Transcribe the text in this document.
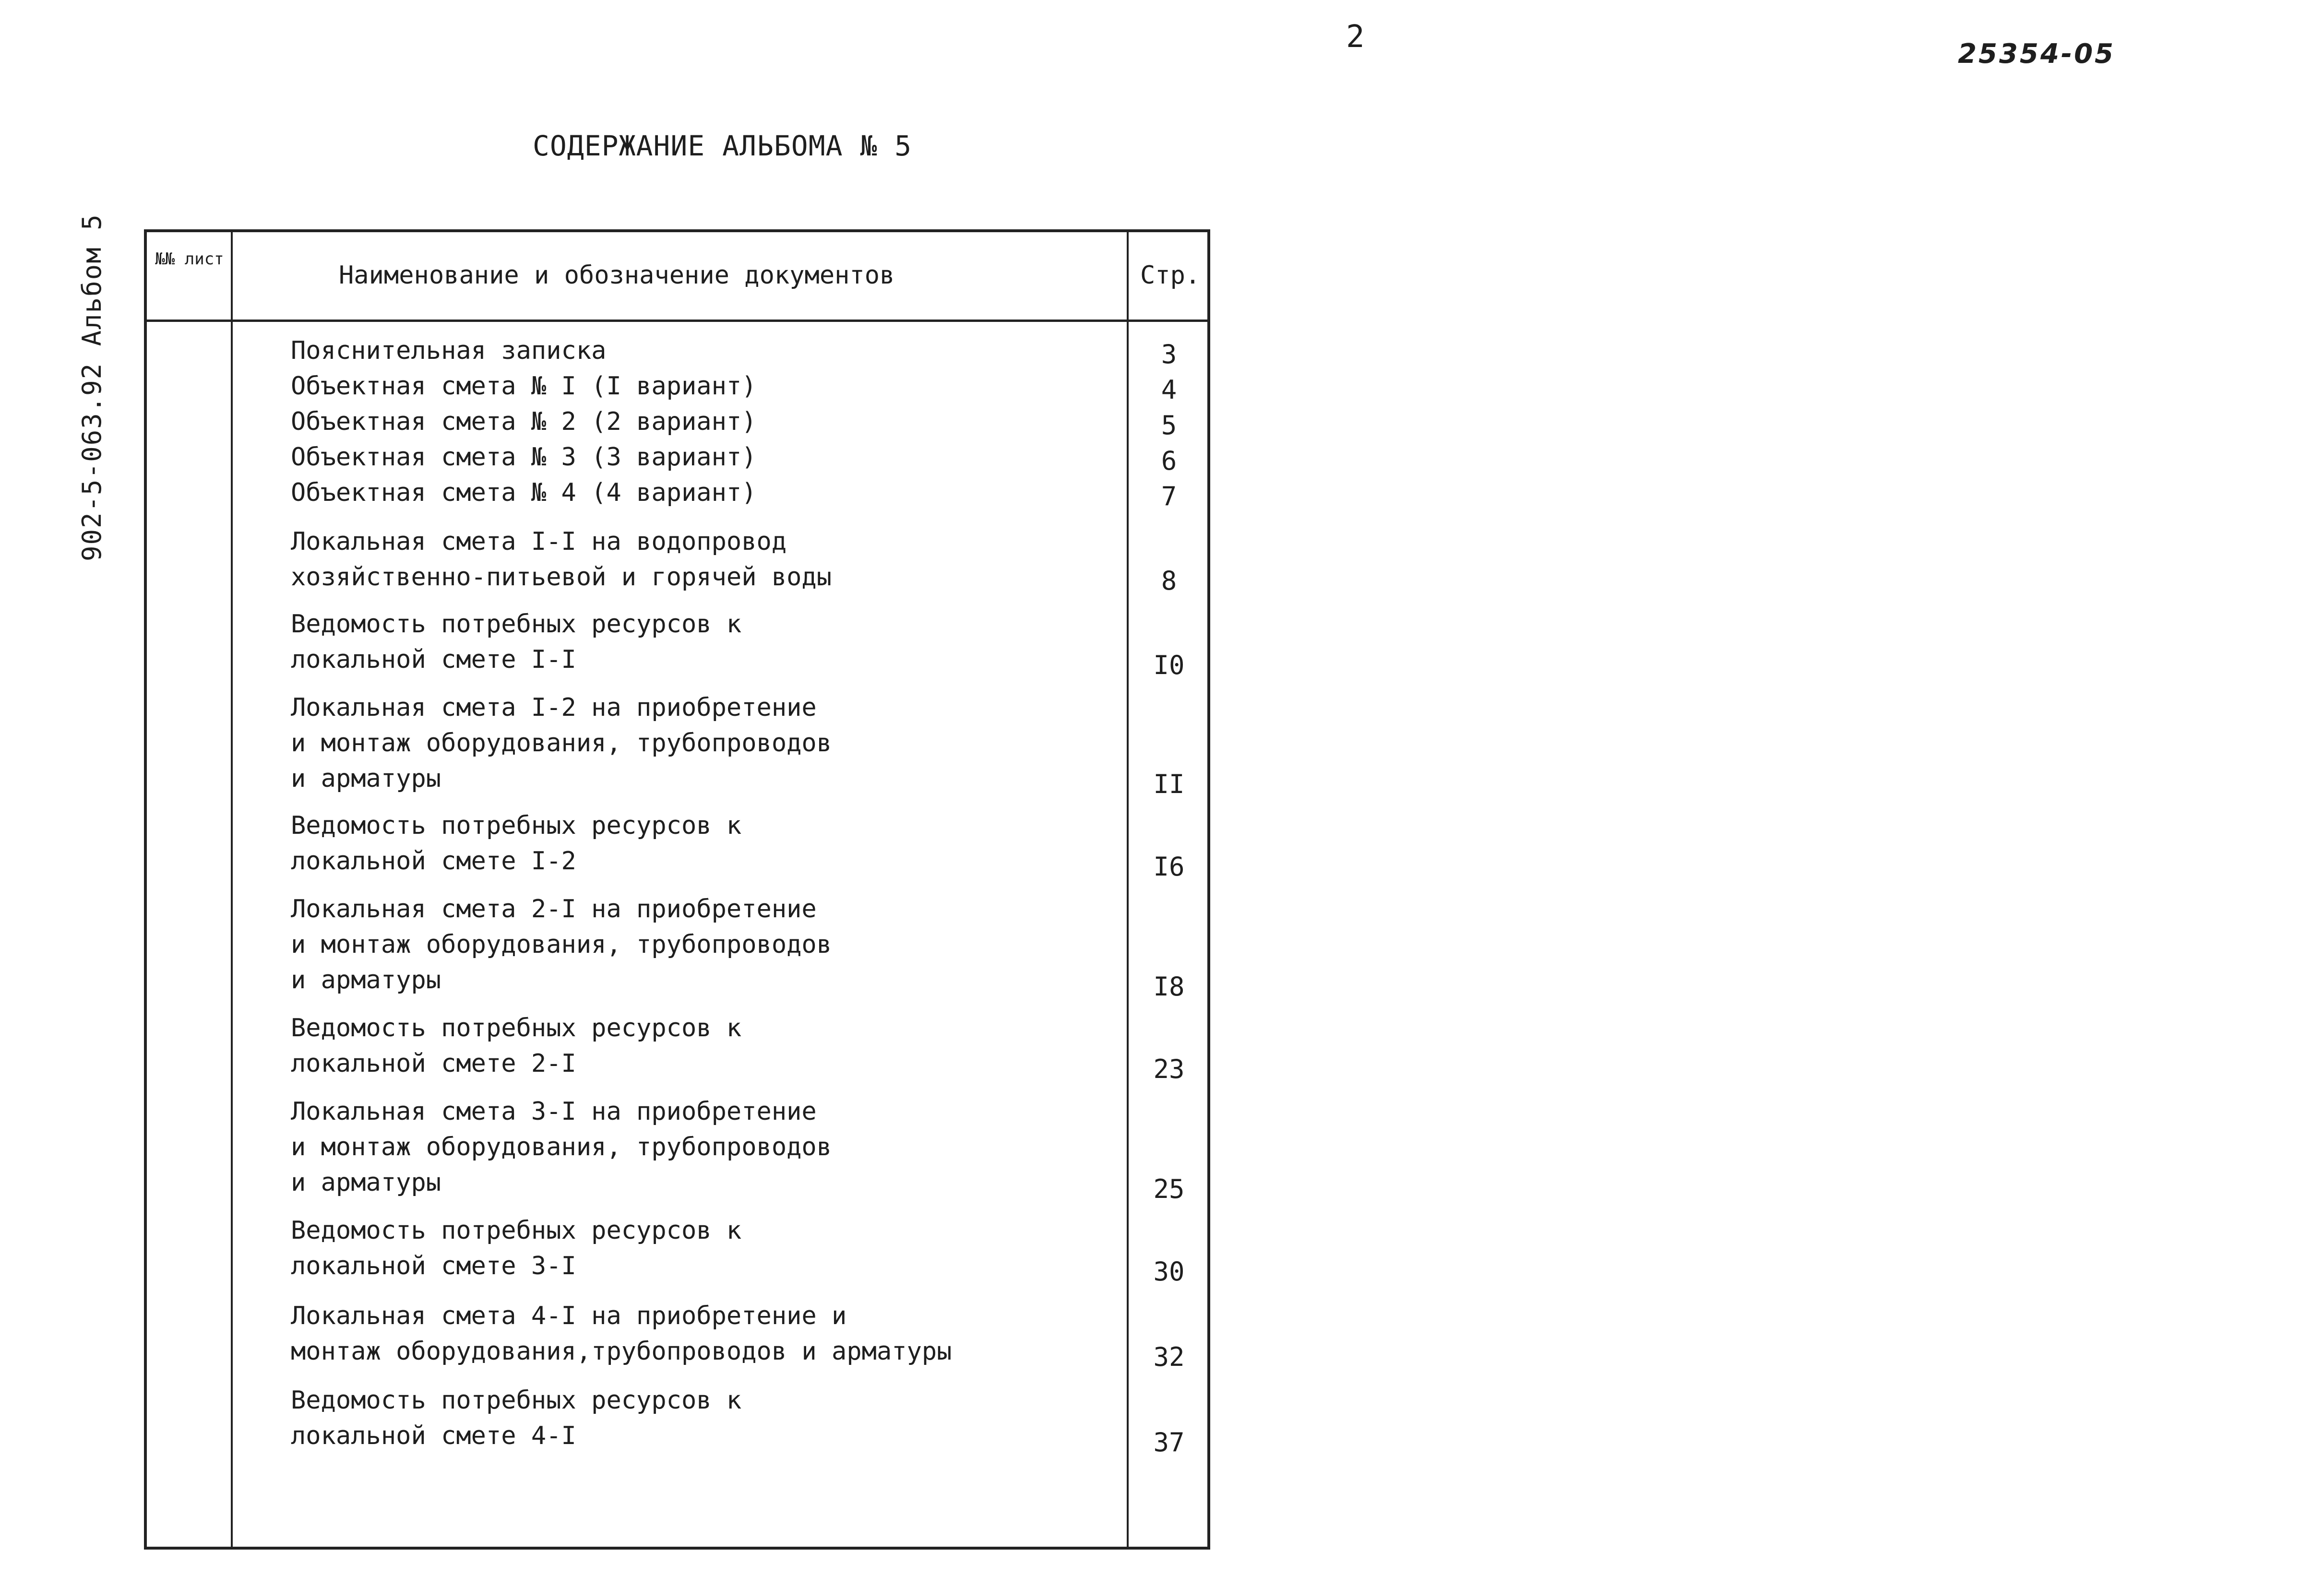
2	25354-05
СОДЕРЖАНИЕ АЛЬБОМА № 5
902-5-063.92 Альбом 5	№№ лист
Наименование и обозначение документов	Стр.
Пояснительная записка	3
Объектная смета № I (I вариант)	4
Объектная смета № 2 (2 вариант)	5
Объектная смета № 3 (3 вариант)	6
Объектная смета № 4 (4 вариант)	7
Локальная смета I-I на водопровод
хозяйственно-питьевой и горячей воды	8
Ведомость потребных ресурсов к
локальной смете I-I	I0
Локальная смета I-2 на приобретение
и монтаж оборудования, трубопроводов
и арматуры	II
Ведомость потребных ресурсов к
локальной смете I-2	I6
Локальная смета 2-I на приобретение
и монтаж оборудования, трубопроводов
и арматуры	I8
Ведомость потребных ресурсов к
локальной смете 2-I	23
Локальная смета 3-I на приобретение
и монтаж оборудования, трубопроводов
и арматуры	25
Ведомость потребных ресурсов к
локальной смете 3-I	30
Локальная смета 4-I на приобретение и
монтаж оборудования,трубопроводов и арматуры	32
Ведомость потребных ресурсов к
локальной смете 4-I	37
